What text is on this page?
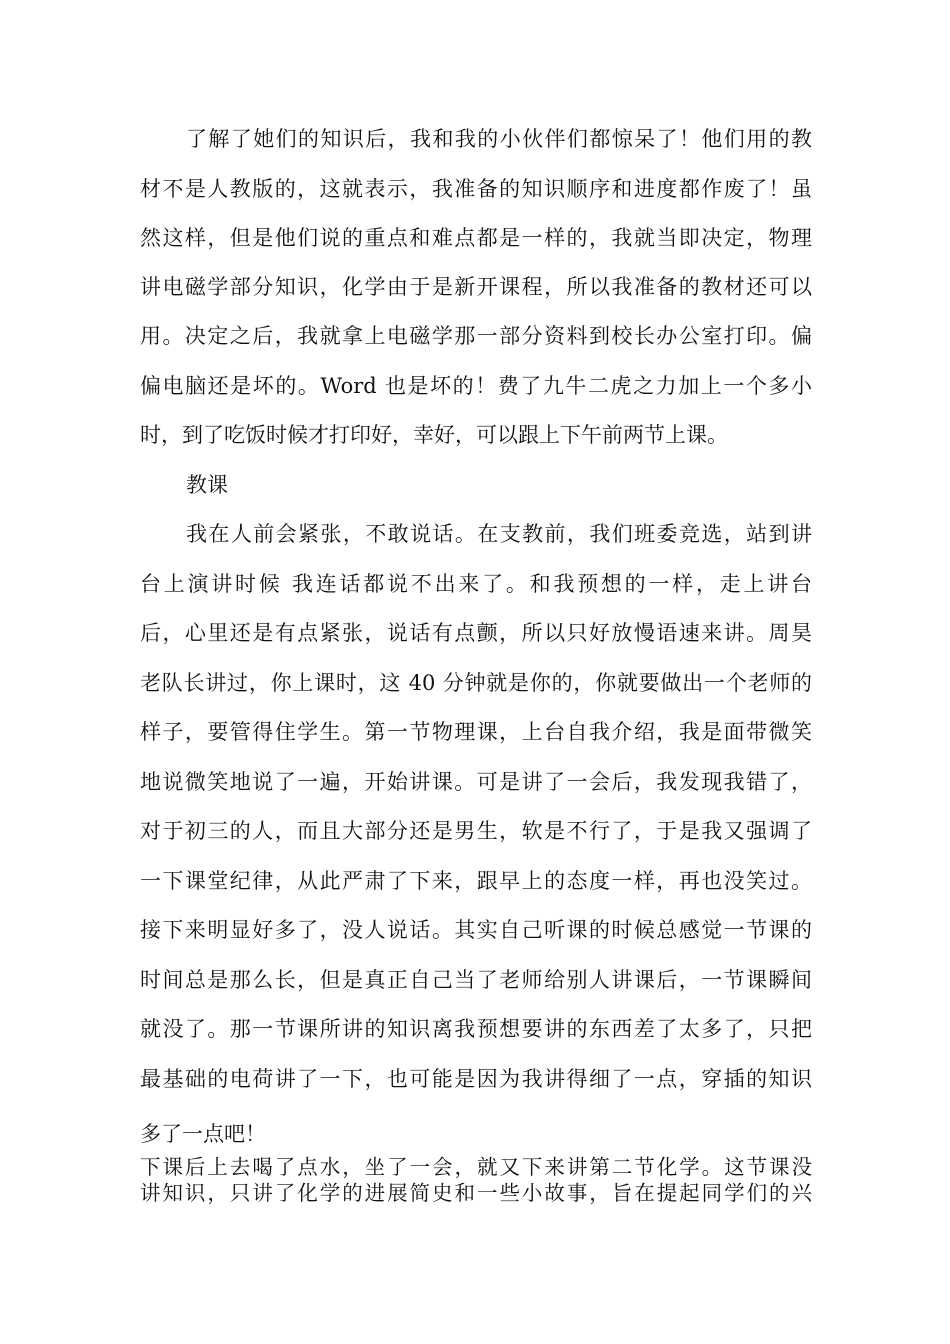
了解了她们的知识后，我和我的小伙伴们都惊呆了！他们用的教

材不是人教版的，这就表示，我准备的知识顺序和进度都作废了！虽

然这样，但是他们说的重点和难点都是一样的，我就当即决定，物理

讲电磁学部分知识，化学由于是新开课程，所以我准备的教材还可以

用。决定之后，我就拿上电磁学那一部分资料到校长办公室打印。偏

偏电脑还是坏的。Word 也是坏的！费了九牛二虎之力加上一个多小

时，到了吃饭时候才打印好，幸好，可以跟上下午前两节上课。

教课

我在人前会紧张，不敢说话。在支教前，我们班委竞选，站到讲

台上演讲时候 我连话都说不出来了。和我预想的一样，走上讲台

后，心里还是有点紧张，说话有点颤，所以只好放慢语速来讲。周昊

老队长讲过，你上课时，这 40 分钟就是你的，你就要做出一个老师的

样子，要管得住学生。第一节物理课，上台自我介绍，我是面带微笑

地说微笑地说了一遍，开始讲课。可是讲了一会后，我发现我错了，

对于初三的人，而且大部分还是男生，软是不行了，于是我又强调了

一下课堂纪律，从此严肃了下来，跟早上的态度一样，再也没笑过。

接下来明显好多了，没人说话。其实自己听课的时候总感觉一节课的

时间总是那么长，但是真正自己当了老师给别人讲课后，一节课瞬间

就没了。那一节课所讲的知识离我预想要讲的东西差了太多了，只把

最基础的电荷讲了一下，也可能是因为我讲得细了一点，穿插的知识

多了一点吧！

下课后上去喝了点水，坐了一会，就又下来讲第二节化学。这节课没

讲知识，只讲了化学的进展简史和一些小故事，旨在提起同学们的兴
